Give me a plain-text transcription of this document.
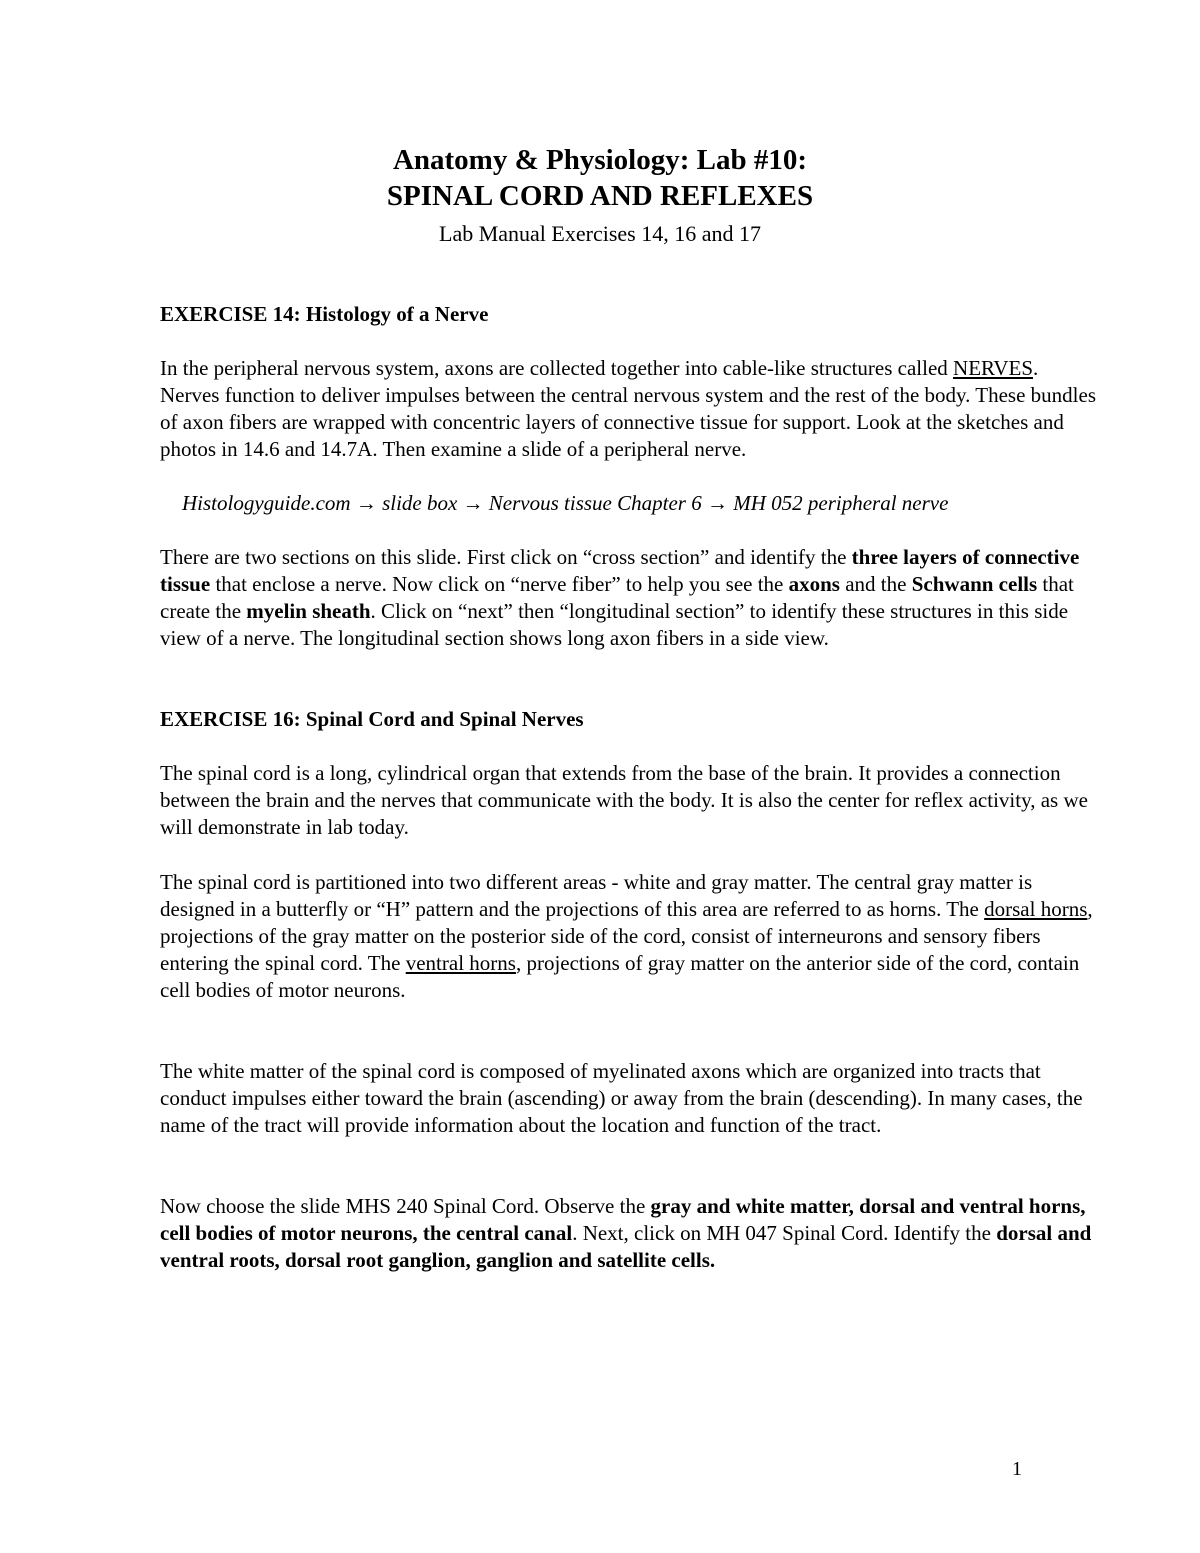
Anatomy & Physiology: Lab #10:
SPINAL CORD AND REFLEXES
Lab Manual Exercises 14, 16 and 17
EXERCISE 14: Histology of a Nerve
In the peripheral nervous system, axons are collected together into cable-like structures called NERVES. Nerves function to deliver impulses between the central nervous system and the rest of the body. These bundles of axon fibers are wrapped with concentric layers of connective tissue for support. Look at the sketches and photos in 14.6 and 14.7A. Then examine a slide of a peripheral nerve.
Histologyguide.com → slide box → Nervous tissue Chapter 6 → MH 052 peripheral nerve
There are two sections on this slide. First click on “cross section” and identify the three layers of connective tissue that enclose a nerve. Now click on “nerve fiber” to help you see the axons and the Schwann cells that create the myelin sheath. Click on “next” then “longitudinal section” to identify these structures in this side view of a nerve. The longitudinal section shows long axon fibers in a side view.
EXERCISE 16: Spinal Cord and Spinal Nerves
The spinal cord is a long, cylindrical organ that extends from the base of the brain. It provides a connection between the brain and the nerves that communicate with the body. It is also the center for reflex activity, as we will demonstrate in lab today.
The spinal cord is partitioned into two different areas - white and gray matter. The central gray matter is designed in a butterfly or “H” pattern and the projections of this area are referred to as horns. The dorsal horns, projections of the gray matter on the posterior side of the cord, consist of interneurons and sensory fibers entering the spinal cord. The ventral horns, projections of gray matter on the anterior side of the cord, contain cell bodies of motor neurons.
The white matter of the spinal cord is composed of myelinated axons which are organized into tracts that conduct impulses either toward the brain (ascending) or away from the brain (descending). In many cases, the name of the tract will provide information about the location and function of the tract.
Now choose the slide MHS 240 Spinal Cord. Observe the gray and white matter, dorsal and ventral horns, cell bodies of motor neurons, the central canal. Next, click on MH 047 Spinal Cord. Identify the dorsal and ventral roots, dorsal root ganglion, ganglion and satellite cells.
1
